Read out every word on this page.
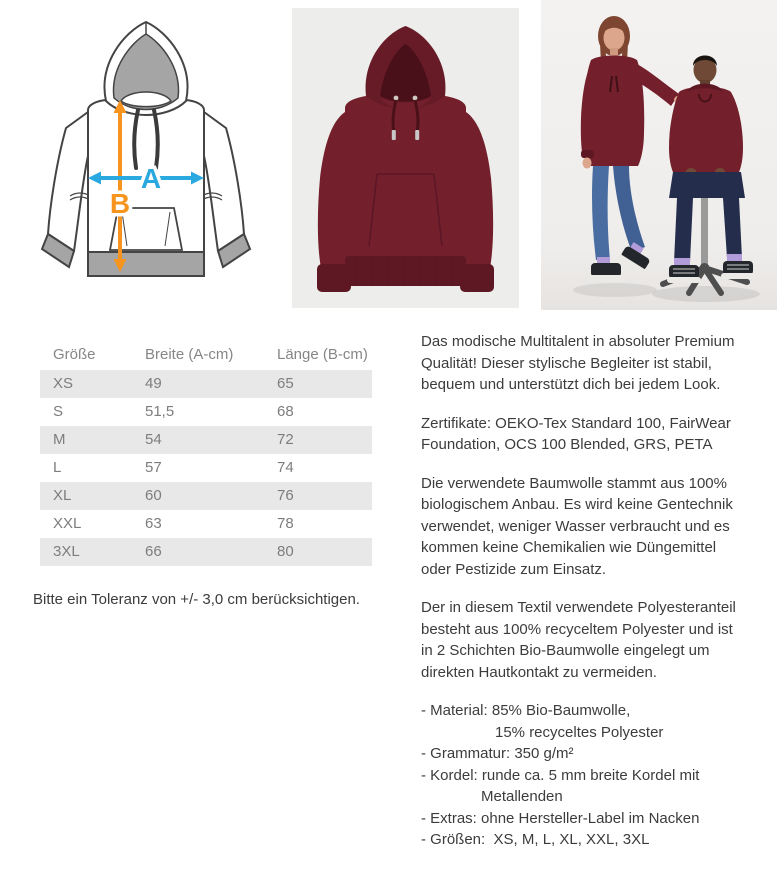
A
B
Größe	Breite (A-cm)	Länge (B-cm)
XS	49	65
S	51,5	68
M	54	72
L	57	74
XL	60	76
XXL	63	78
3XL	66	80

Bitte ein Toleranz von +/- 3,0 cm berücksichtigen.

Das modische Multitalent in absoluter Premium Qualität! Dieser stylische Begleiter ist stabil, bequem und unterstützt dich bei jedem Look.

Zertifikate: OEKO-Tex Standard 100, FairWear Foundation, OCS 100 Blended, GRS, PETA

Die verwendete Baumwolle stammt aus 100% biologischem Anbau. Es wird keine Gentechnik verwendet, weniger Wasser verbraucht und es kommen keine Chemikalien wie Düngemittel oder Pestizide zum Einsatz.

Der in diesem Textil verwendete Polyesteranteil besteht aus 100% recyceltem Polyester und ist in 2 Schichten Bio-Baumwolle eingelegt um direkten Hautkontakt zu vermeiden.

- Material: 85% Bio-Baumwolle,
15% recyceltes Polyester
- Grammatur: 350 g/m²
- Kordel: runde ca. 5 mm breite Kordel mit
Metallenden
- Extras: ohne Hersteller-Label im Nacken
- Größen:  XS, M, L, XL, XXL, 3XL
